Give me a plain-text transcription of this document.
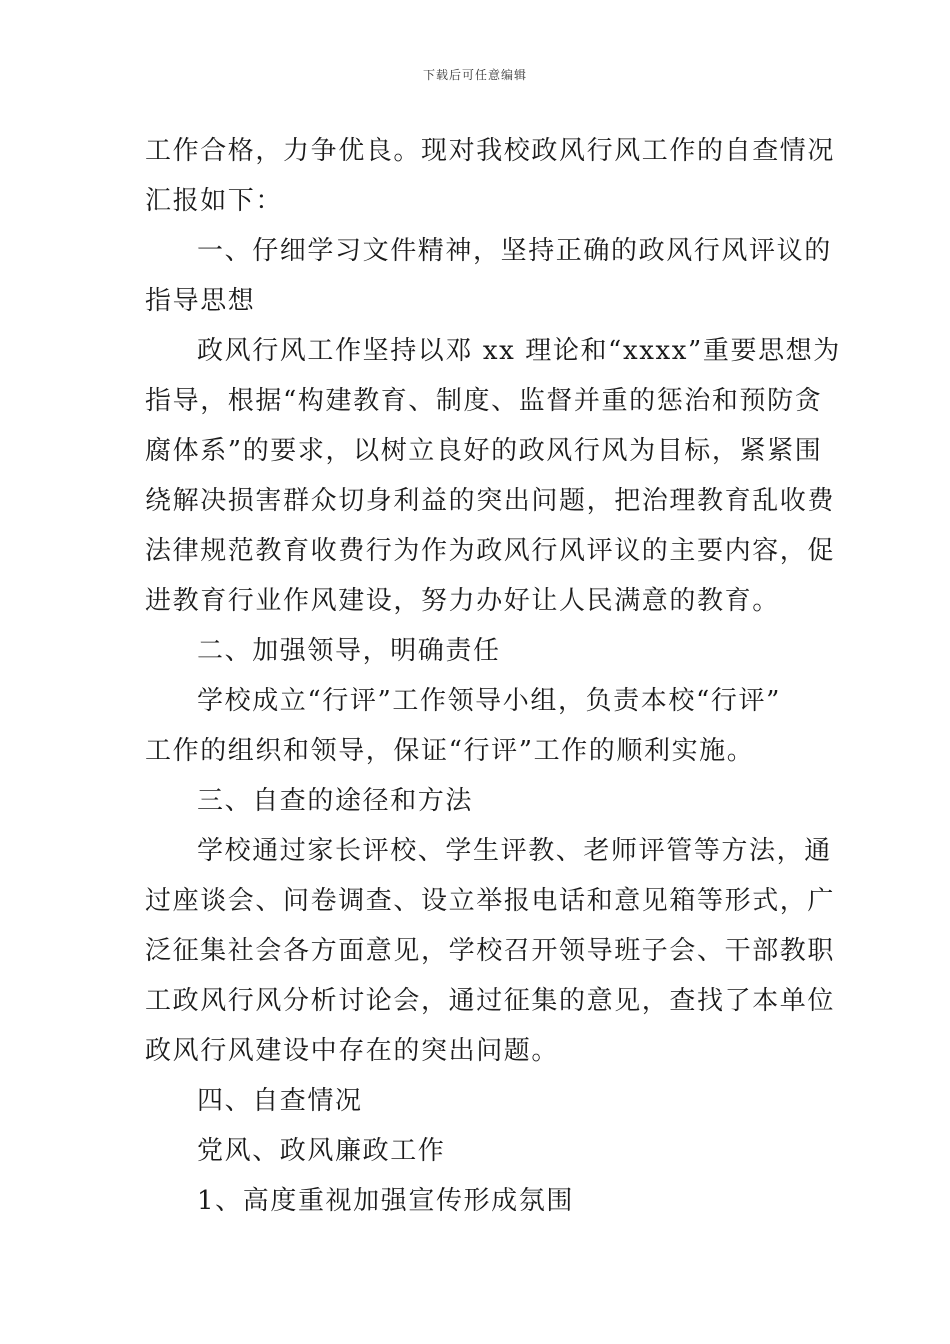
下载后可任意编辑
工作合格，力争优良。现对我校政风行风工作的自查情况
汇报如下：
一、仔细学习文件精神，坚持正确的政风行风评议的
指导思想
政风行风工作坚持以邓 xx 理论和“xxxx”重要思想为
指导，根据“构建教育、制度、监督并重的惩治和预防贪
腐体系”的要求，以树立良好的政风行风为目标，紧紧围
绕解决损害群众切身利益的突出问题，把治理教育乱收费
法律规范教育收费行为作为政风行风评议的主要内容，促
进教育行业作风建设，努力办好让人民满意的教育。
二、加强领导，明确责任
学校成立“行评”工作领导小组，负责本校“行评”
工作的组织和领导，保证“行评”工作的顺利实施。
三、自查的途径和方法
学校通过家长评校、学生评教、老师评管等方法，通
过座谈会、问卷调查、设立举报电话和意见箱等形式，广
泛征集社会各方面意见，学校召开领导班子会、干部教职
工政风行风分析讨论会，通过征集的意见，查找了本单位
政风行风建设中存在的突出问题。
四、自查情况
党风、政风廉政工作
1、高度重视加强宣传形成氛围
